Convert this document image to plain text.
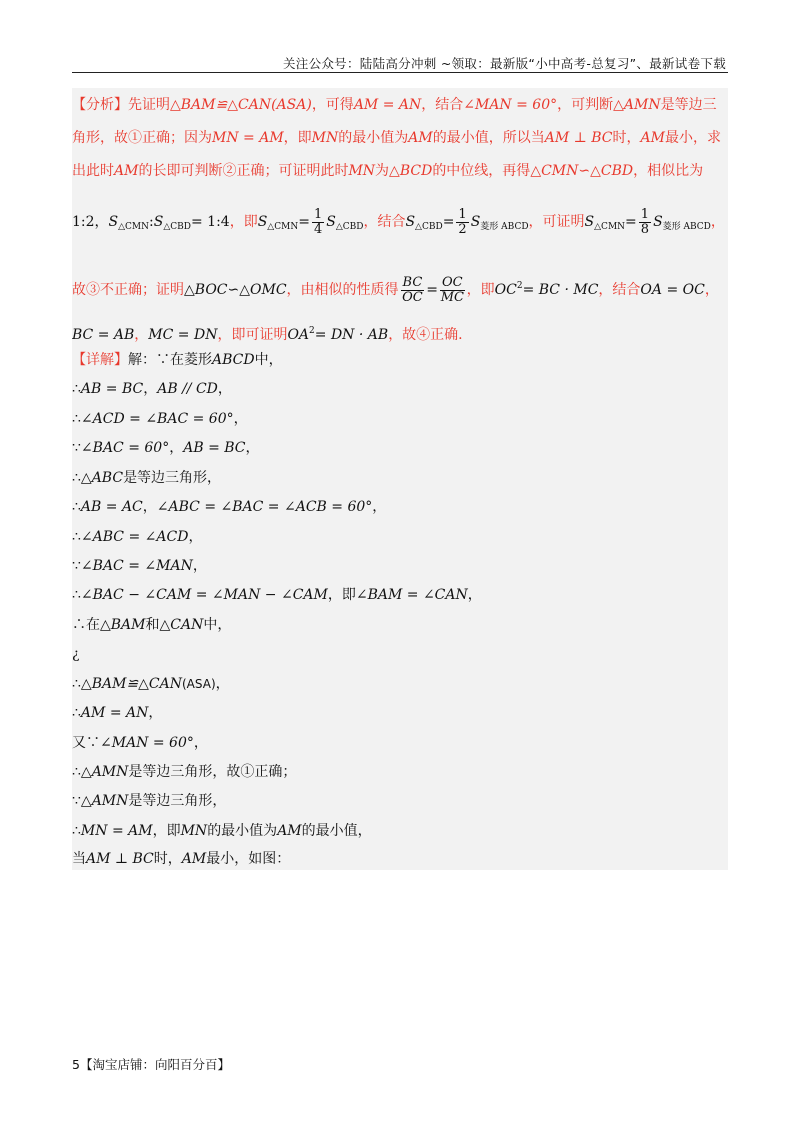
关注公众号：陆陆高分冲刺 ~领取：最新版“小中高考-总复习”、最新试卷下载
【分析】先证明△BAM≌△CAN(ASA)，可得AM = AN，结合∠MAN = 60°，可判断△AMN是等边三
角形，故①正确；因为MN = AM，即MN的最小值为AM的最小值，所以当AM ⊥ BC时，AM最小，求
出此时AM的长即可判断②正确；可证明此时MN为△BCD的中位线，再得△CMN∽△CBD，相似比为
1:2，$S_{\triangle CMN}:S_{\triangle CBD}=$ 1:4，即$S_{\triangle CMN}= \frac{1}{4} S_{\triangle CBD}$，结合$S_{\triangle CBD}= \frac{1}{2} S_{菱形 ABCD}$，可证明$S_{\triangle CMN}= \frac{1}{8} S_{菱形 ABCD}$，
故③不正确；证明△BOC∽△OMC，由相似的性质得 $\frac{BC}{OC} = \frac{OC}{MC}$ ，即$OC^2=$ BC · MC，结合OA = OC，
BC = AB，MC = DN，即可证明$OA^2=$ DN · AB，故④正确.
【详解】解：∵在菱形ABCD中，
∴AB = BC，AB // CD，
∴∠ACD = ∠BAC = 60°，
∵∠BAC = 60°，AB = BC，
∴△ABC是等边三角形，
∴AB = AC，∠ABC = ∠BAC = ∠ACB = 60°，
∴∠ABC = ∠ACD，
∵∠BAC = ∠MAN，
∴∠BAC − ∠CAM = ∠MAN − ∠CAM，即∠BAM = ∠CAN，
∴在△BAM和△CAN中，
¿
∴△BAM≌△CAN(ASA)，
∴AM = AN，
又∵∠MAN = 60°，
∴△AMN是等边三角形，故①正确；
∵△AMN是等边三角形，
∴MN = AM，即MN的最小值为AM的最小值，
当AM ⊥ BC时，AM最小，如图：
5【淘宝店铺：向阳百分百】
